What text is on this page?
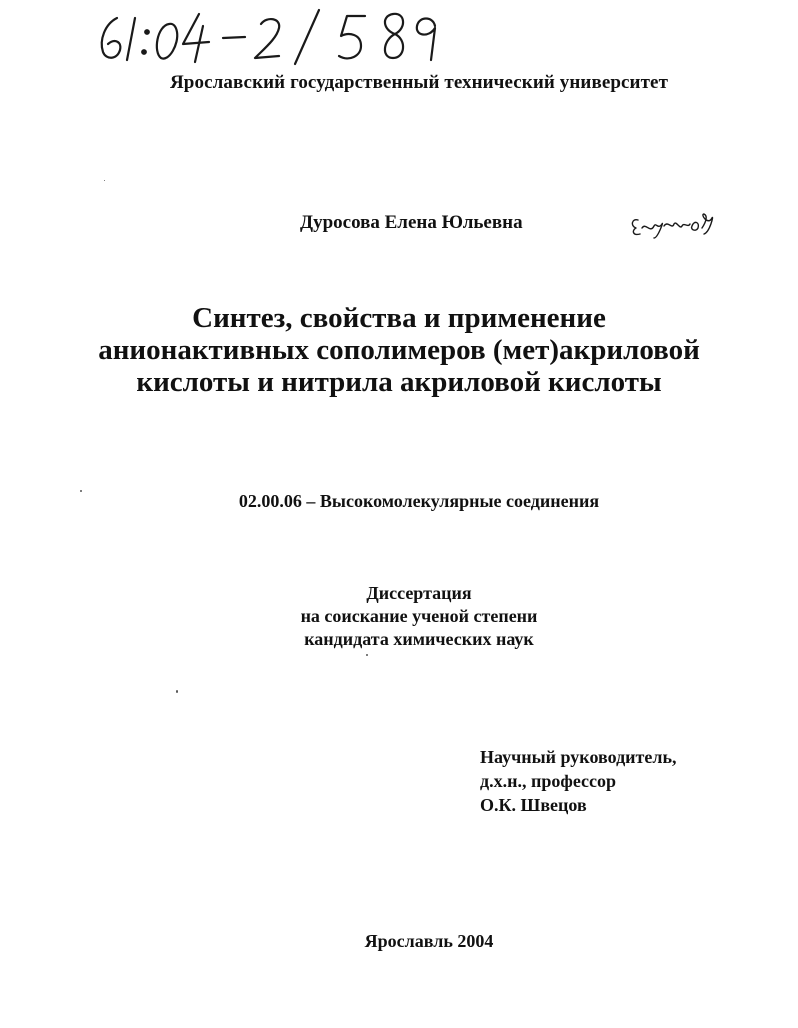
Ярославский государственный технический университет
Дуросова Елена Юльевна
Синтез, свойства и применение
анионактивных сополимеров (мет)акриловой
кислоты и нитрила акриловой кислоты
02.00.06 – Высокомолекулярные соединения
Диссертация
на соискание ученой степени
кандидата химических наук
Научный руководитель,
д.х.н., профессор
О.К. Швецов
Ярославль 2004
